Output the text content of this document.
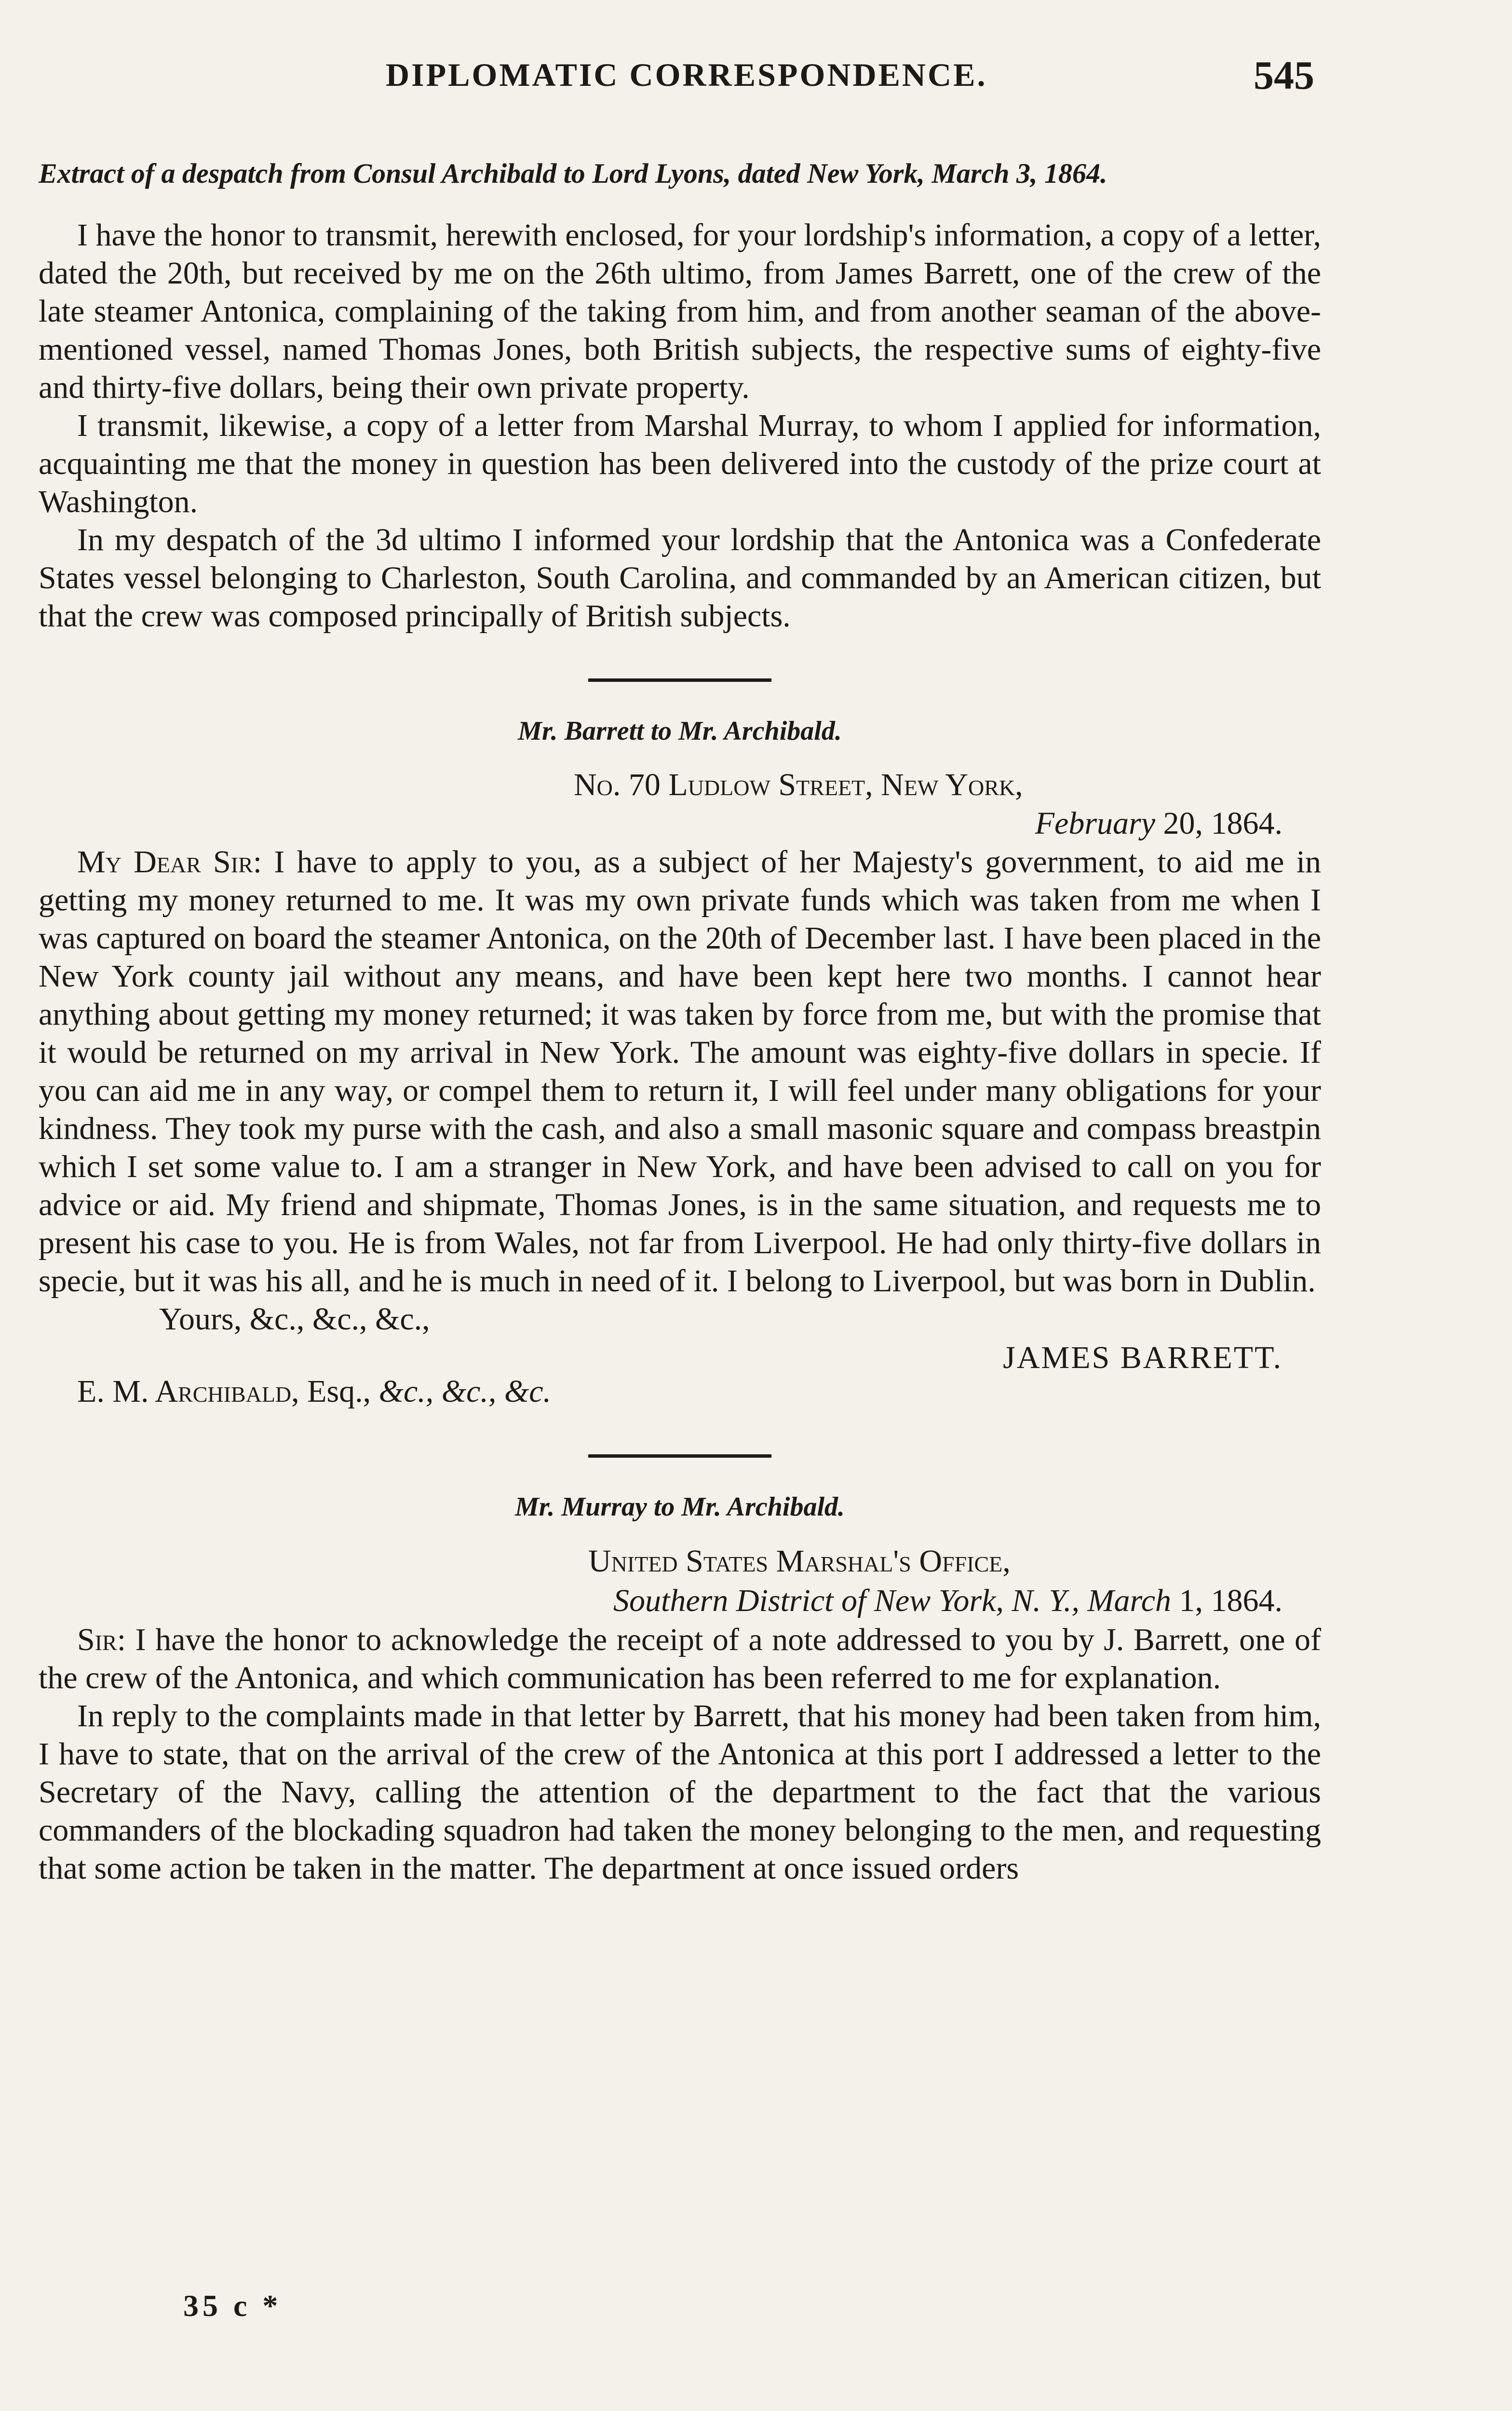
DIPLOMATIC CORRESPONDENCE.	545

Extract of a despatch from Consul Archibald to Lord Lyons, dated New York, March 3, 1864.

I have the honor to transmit, herewith enclosed, for your lordship's information, a copy of a letter, dated the 20th, but received by me on the 26th ultimo, from James Barrett, one of the crew of the late steamer Antonica, complaining of the taking from him, and from another seaman of the above-mentioned vessel, named Thomas Jones, both British subjects, the respective sums of eighty-five and thirty-five dollars, being their own private property.

I transmit, likewise, a copy of a letter from Marshal Murray, to whom I applied for information, acquainting me that the money in question has been delivered into the custody of the prize court at Washington.

In my despatch of the 3d ultimo I informed your lordship that the Antonica was a Confederate States vessel belonging to Charleston, South Carolina, and commanded by an American citizen, but that the crew was composed principally of British subjects.

Mr. Barrett to Mr. Archibald.

No. 70 Ludlow Street, New York,
February 20, 1864.

My Dear Sir: I have to apply to you, as a subject of her Majesty's government, to aid me in getting my money returned to me. It was my own private funds which was taken from me when I was captured on board the steamer Antonica, on the 20th of December last. I have been placed in the New York county jail without any means, and have been kept here two months. I cannot hear anything about getting my money returned; it was taken by force from me, but with the promise that it would be returned on my arrival in New York. The amount was eighty-five dollars in specie. If you can aid me in any way, or compel them to return it, I will feel under many obligations for your kindness. They took my purse with the cash, and also a small masonic square and compass breastpin which I set some value to. I am a stranger in New York, and have been advised to call on you for advice or aid. My friend and shipmate, Thomas Jones, is in the same situation, and requests me to present his case to you. He is from Wales, not far from Liverpool. He had only thirty-five dollars in specie, but it was his all, and he is much in need of it. I belong to Liverpool, but was born in Dublin.

Yours, &c., &c., &c.,
JAMES BARRETT.
E. M. Archibald, Esq., &c., &c., &c.

Mr. Murray to Mr. Archibald.

United States Marshal's Office,
Southern District of New York, N. Y., March 1, 1864.

Sir: I have the honor to acknowledge the receipt of a note addressed to you by J. Barrett, one of the crew of the Antonica, and which communication has been referred to me for explanation.

In reply to the complaints made in that letter by Barrett, that his money had been taken from him, I have to state, that on the arrival of the crew of the Antonica at this port I addressed a letter to the Secretary of the Navy, calling the attention of the department to the fact that the various commanders of the blockading squadron had taken the money belonging to the men, and requesting that some action be taken in the matter. The department at once issued orders

35 c *
